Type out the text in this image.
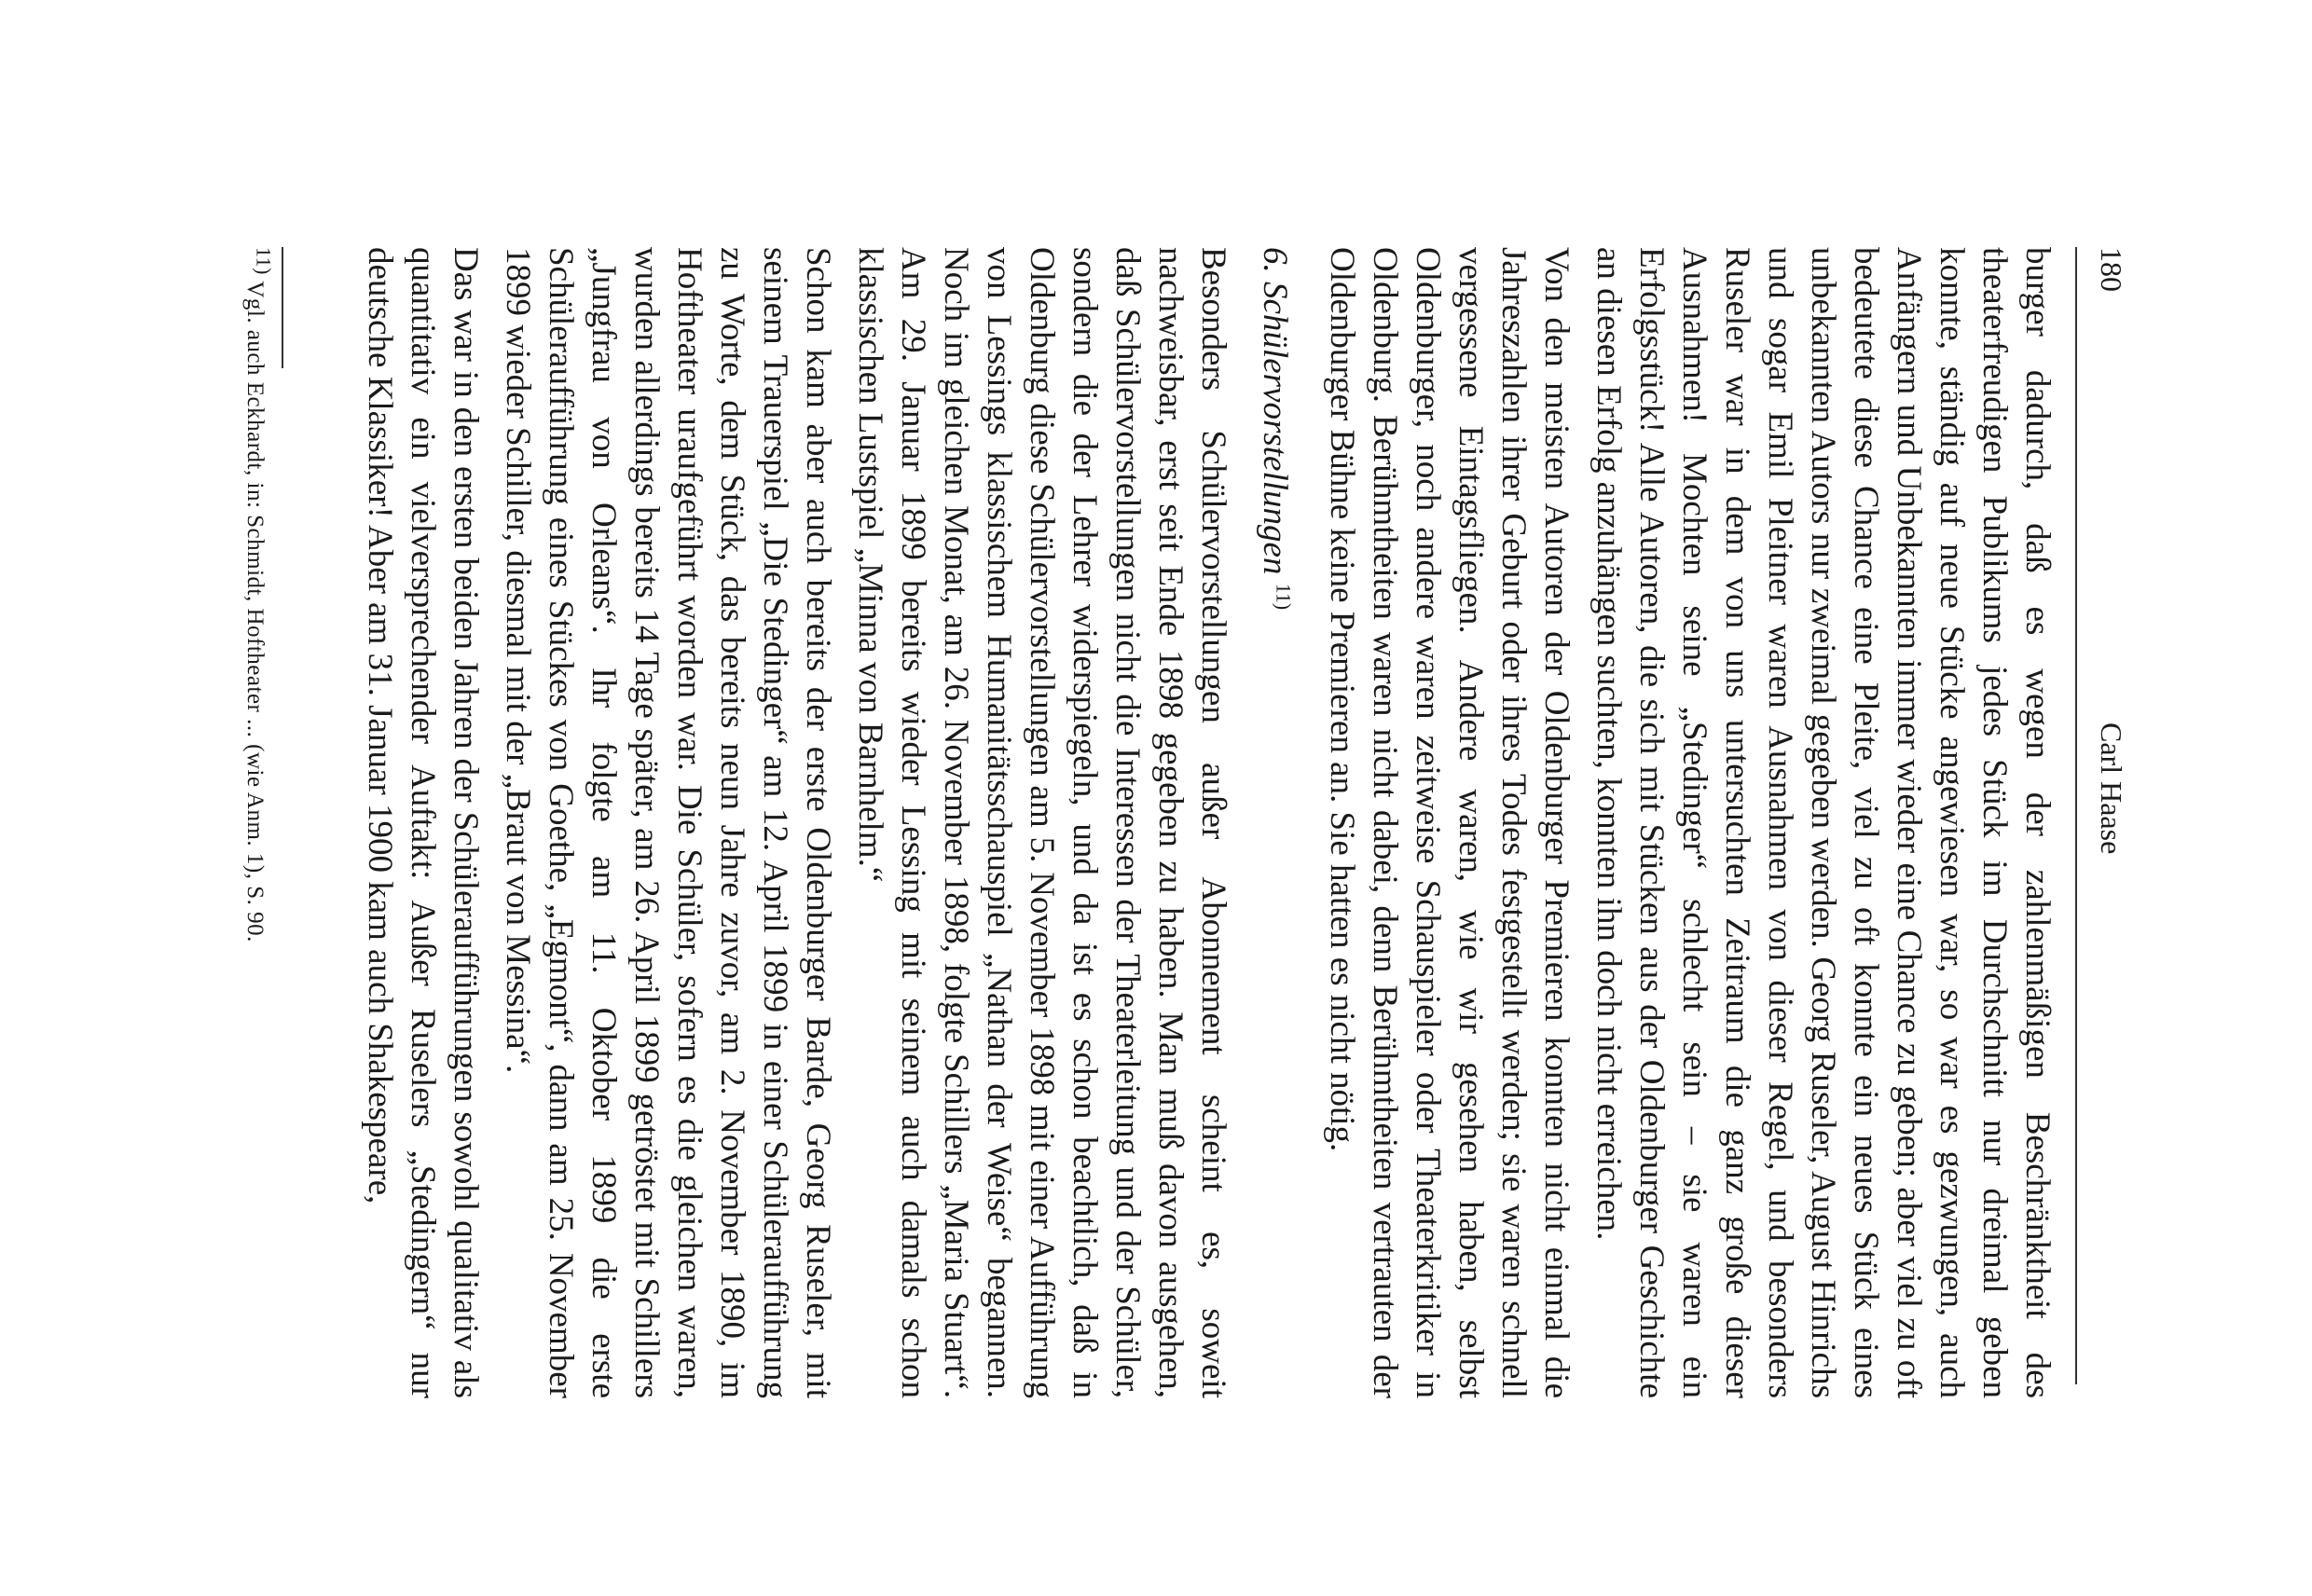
180
Carl Haase

burger dadurch, daß es wegen der zahlenmäßigen Beschränktheit des theaterfreudigen Publikums jedes Stück im Durchschnitt nur dreimal geben konnte, ständig auf neue Stücke angewiesen war, so war es gezwungen, auch Anfängern und Unbekannten immer wieder eine Chance zu geben; aber viel zu oft bedeutete diese Chance eine Pleite, viel zu oft konnte ein neues Stück eines unbekannten Autors nur zweimal gegeben werden. Georg Ruseler, August Hinrichs und sogar Emil Pleitner waren Ausnahmen von dieser Regel, und besonders Ruseler war in dem von uns untersuchten Zeitraum die ganz große dieser Ausnahmen! Mochten seine „Stedinger“ schlecht sein – sie waren ein Erfolgsstück! Alle Autoren, die sich mit Stücken aus der Oldenburger Geschichte an diesen Erfolg anzuhängen suchten, konnten ihn doch nicht erreichen.

Von den meisten Autoren der Oldenburger Premieren konnten nicht einmal die Jahreszahlen ihrer Geburt oder ihres Todes festgestellt werden; sie waren schnell vergessene Eintagsfliegen. Andere waren, wie wir gesehen haben, selbst Oldenburger, noch andere waren zeitweise Schauspieler oder Theaterkritiker in Oldenburg. Berühmtheiten waren nicht dabei, denn Berühmtheiten vertrauten der Oldenburger Bühne keine Premieren an. Sie hatten es nicht nötig.

6. Schülervorstellungen $^{11)}$

Besonders Schülervorstellungen außer Abonnement scheint es, soweit nachweisbar, erst seit Ende 1898 gegeben zu haben. Man muß davon ausgehen, daß Schülervorstellungen nicht die Interessen der Theaterleitung und der Schüler, sondern die der Lehrer widerspiegeln, und da ist es schon beachtlich, daß in Oldenburg diese Schülervorstellungen am 5. November 1898 mit einer Aufführung von Lessings klassischem Humanitätsschauspiel „Nathan der Weise“ begannen. Noch im gleichen Monat, am 26. November 1898, folgte Schillers „Maria Stuart“. Am 29. Januar 1899 bereits wieder Lessing mit seinem auch damals schon klassischen Lustspiel „Minna von Barnhelm.“

Schon kam aber auch bereits der erste Oldenburger Barde, Georg Ruseler, mit seinem Trauerspiel „Die Stedinger“ am 12. April 1899 in einer Schüleraufführung zu Worte, dem Stück, das bereits neun Jahre zuvor, am 2. November 1890, im Hoftheater uraufgeführt worden war. Die Schüler, sofern es die gleichen waren, wurden allerdings bereits 14 Tage später, am 26. April 1899 getröstet mit Schillers „Jungfrau von Orleans“. Ihr folgte am 11. Oktober 1899 die erste Schüleraufführung eines Stückes von Goethe, „Egmont“, dann am 25. November 1899 wieder Schiller, diesmal mit der „Braut von Messina“.

Das war in den ersten beiden Jahren der Schüleraufführungen sowohl qualitativ als quantitativ ein vielversprechender Auftakt: Außer Ruselers „Stedingern“ nur deutsche Klassiker! Aber am 31. Januar 1900 kam auch Shakespeare,

11) Vgl. auch Eckhardt, in: Schmidt, Hoftheater ... (wie Anm. 1), S. 90.
